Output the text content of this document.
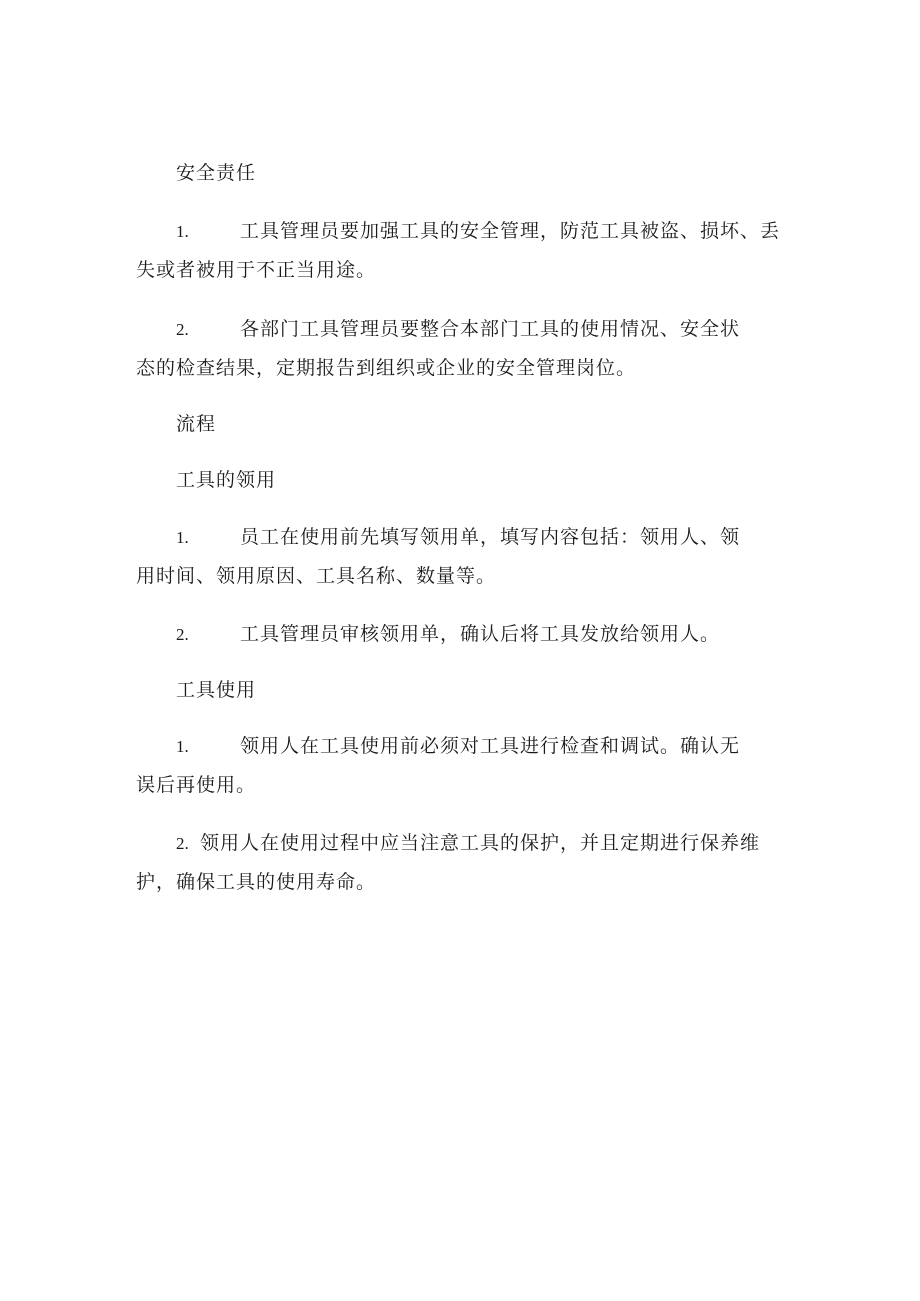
安全责任
1.	工具管理员要加强工具的安全管理，防范工具被盗、损坏、丢
失或者被用于不正当用途。
2.	各部门工具管理员要整合本部门工具的使用情况、安全状
态的检查结果，定期报告到组织或企业的安全管理岗位。
流程
工具的领用
1.	员工在使用前先填写领用单，填写内容包括：领用人、领
用时间、领用原因、工具名称、数量等。
2.	工具管理员审核领用单，确认后将工具发放给领用人。
工具使用
1.	领用人在工具使用前必须对工具进行检查和调试。确认无
误后再使用。
2. 领用人在使用过程中应当注意工具的保护，并且定期进行保养维
护，确保工具的使用寿命。
